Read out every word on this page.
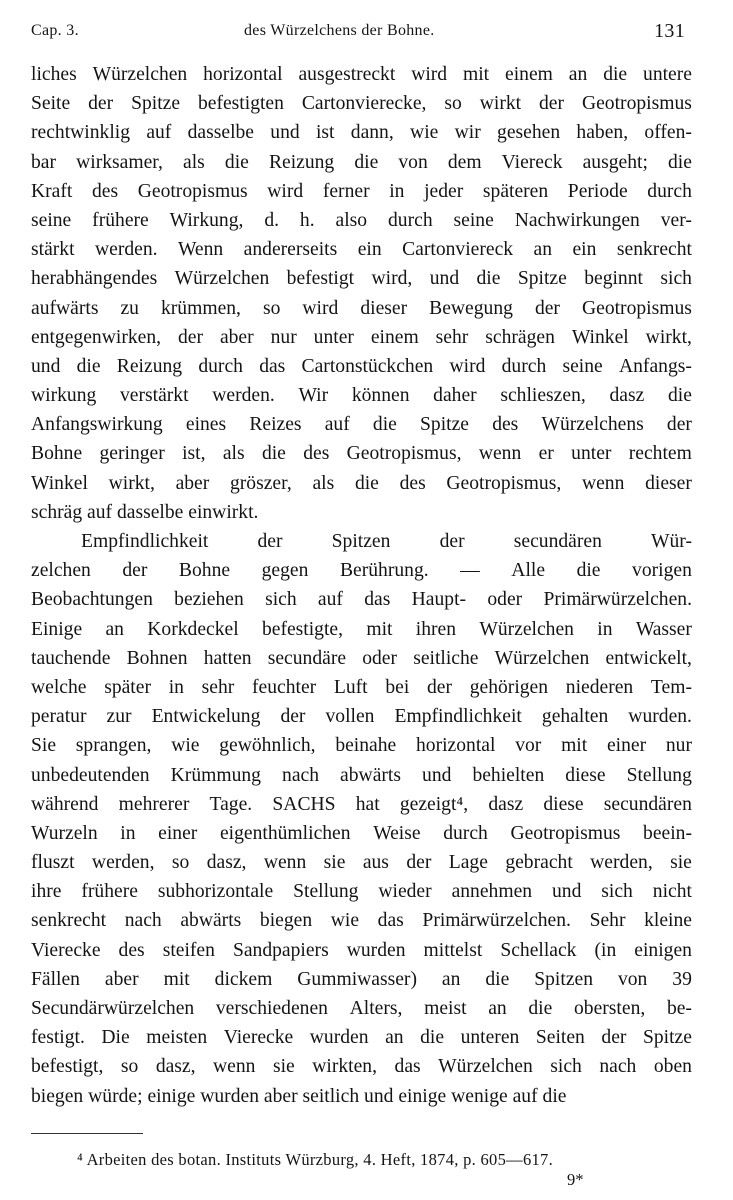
Cap. 3.	des Würzelchens der Bohne.	131
liches Würzelchen horizontal ausgestreckt wird mit einem an die untere
Seite der Spitze befestigten Cartonvierecke, so wirkt der Geotropismus
rechtwinklig auf dasselbe und ist dann, wie wir gesehen haben, offen-
bar wirksamer, als die Reizung die von dem Viereck ausgeht; die
Kraft des Geotropismus wird ferner in jeder späteren Periode durch
seine frühere Wirkung, d. h. also durch seine Nachwirkungen ver-
stärkt werden. Wenn andererseits ein Cartonviereck an ein senkrecht
herabhängendes Würzelchen befestigt wird, und die Spitze beginnt sich
aufwärts zu krümmen, so wird dieser Bewegung der Geotropismus
entgegenwirken, der aber nur unter einem sehr schrägen Winkel wirkt,
und die Reizung durch das Cartonstückchen wird durch seine Anfangs-
wirkung verstärkt werden. Wir können daher schlieszen, dasz die
Anfangswirkung eines Reizes auf die Spitze des Würzelchens der
Bohne geringer ist, als die des Geotropismus, wenn er unter rechtem
Winkel wirkt, aber gröszer, als die des Geotropismus, wenn dieser
schräg auf dasselbe einwirkt.
Empfindlichkeit	der	Spitzen	der	secundären	Wür-
zelchen der Bohne gegen Berührung. — Alle die vorigen
Beobachtungen beziehen sich auf das Haupt- oder Primärwürzelchen.
Einige an Korkdeckel befestigte, mit ihren Würzelchen in Wasser
tauchende Bohnen hatten secundäre oder seitliche Würzelchen entwickelt,
welche später in sehr feuchter Luft bei der gehörigen niederen Tem-
peratur zur Entwickelung der vollen Empfindlichkeit gehalten wurden.
Sie sprangen, wie gewöhnlich, beinahe horizontal vor mit einer nur
unbedeutenden Krümmung nach abwärts und behielten diese Stellung
während mehrerer Tage. SACHS hat gezeigt⁴, dasz diese secundären
Wurzeln in einer eigenthümlichen Weise durch Geotropismus beein-
fluszt werden, so dasz, wenn sie aus der Lage gebracht werden, sie
ihre frühere subhorizontale Stellung wieder annehmen und sich nicht
senkrecht nach abwärts biegen wie das Primärwürzelchen. Sehr kleine
Vierecke des steifen Sandpapiers wurden mittelst Schellack (in einigen
Fällen aber mit dickem Gummiwasser) an die Spitzen von 39
Secundärwürzelchen verschiedenen Alters, meist an die obersten, be-
festigt. Die meisten Vierecke wurden an die unteren Seiten der Spitze
befestigt, so dasz, wenn sie wirkten, das Würzelchen sich nach oben
biegen würde; einige wurden aber seitlich und einige wenige auf die
⁴ Arbeiten des botan. Instituts Würzburg, 4. Heft, 1874, p. 605—617.
9*
